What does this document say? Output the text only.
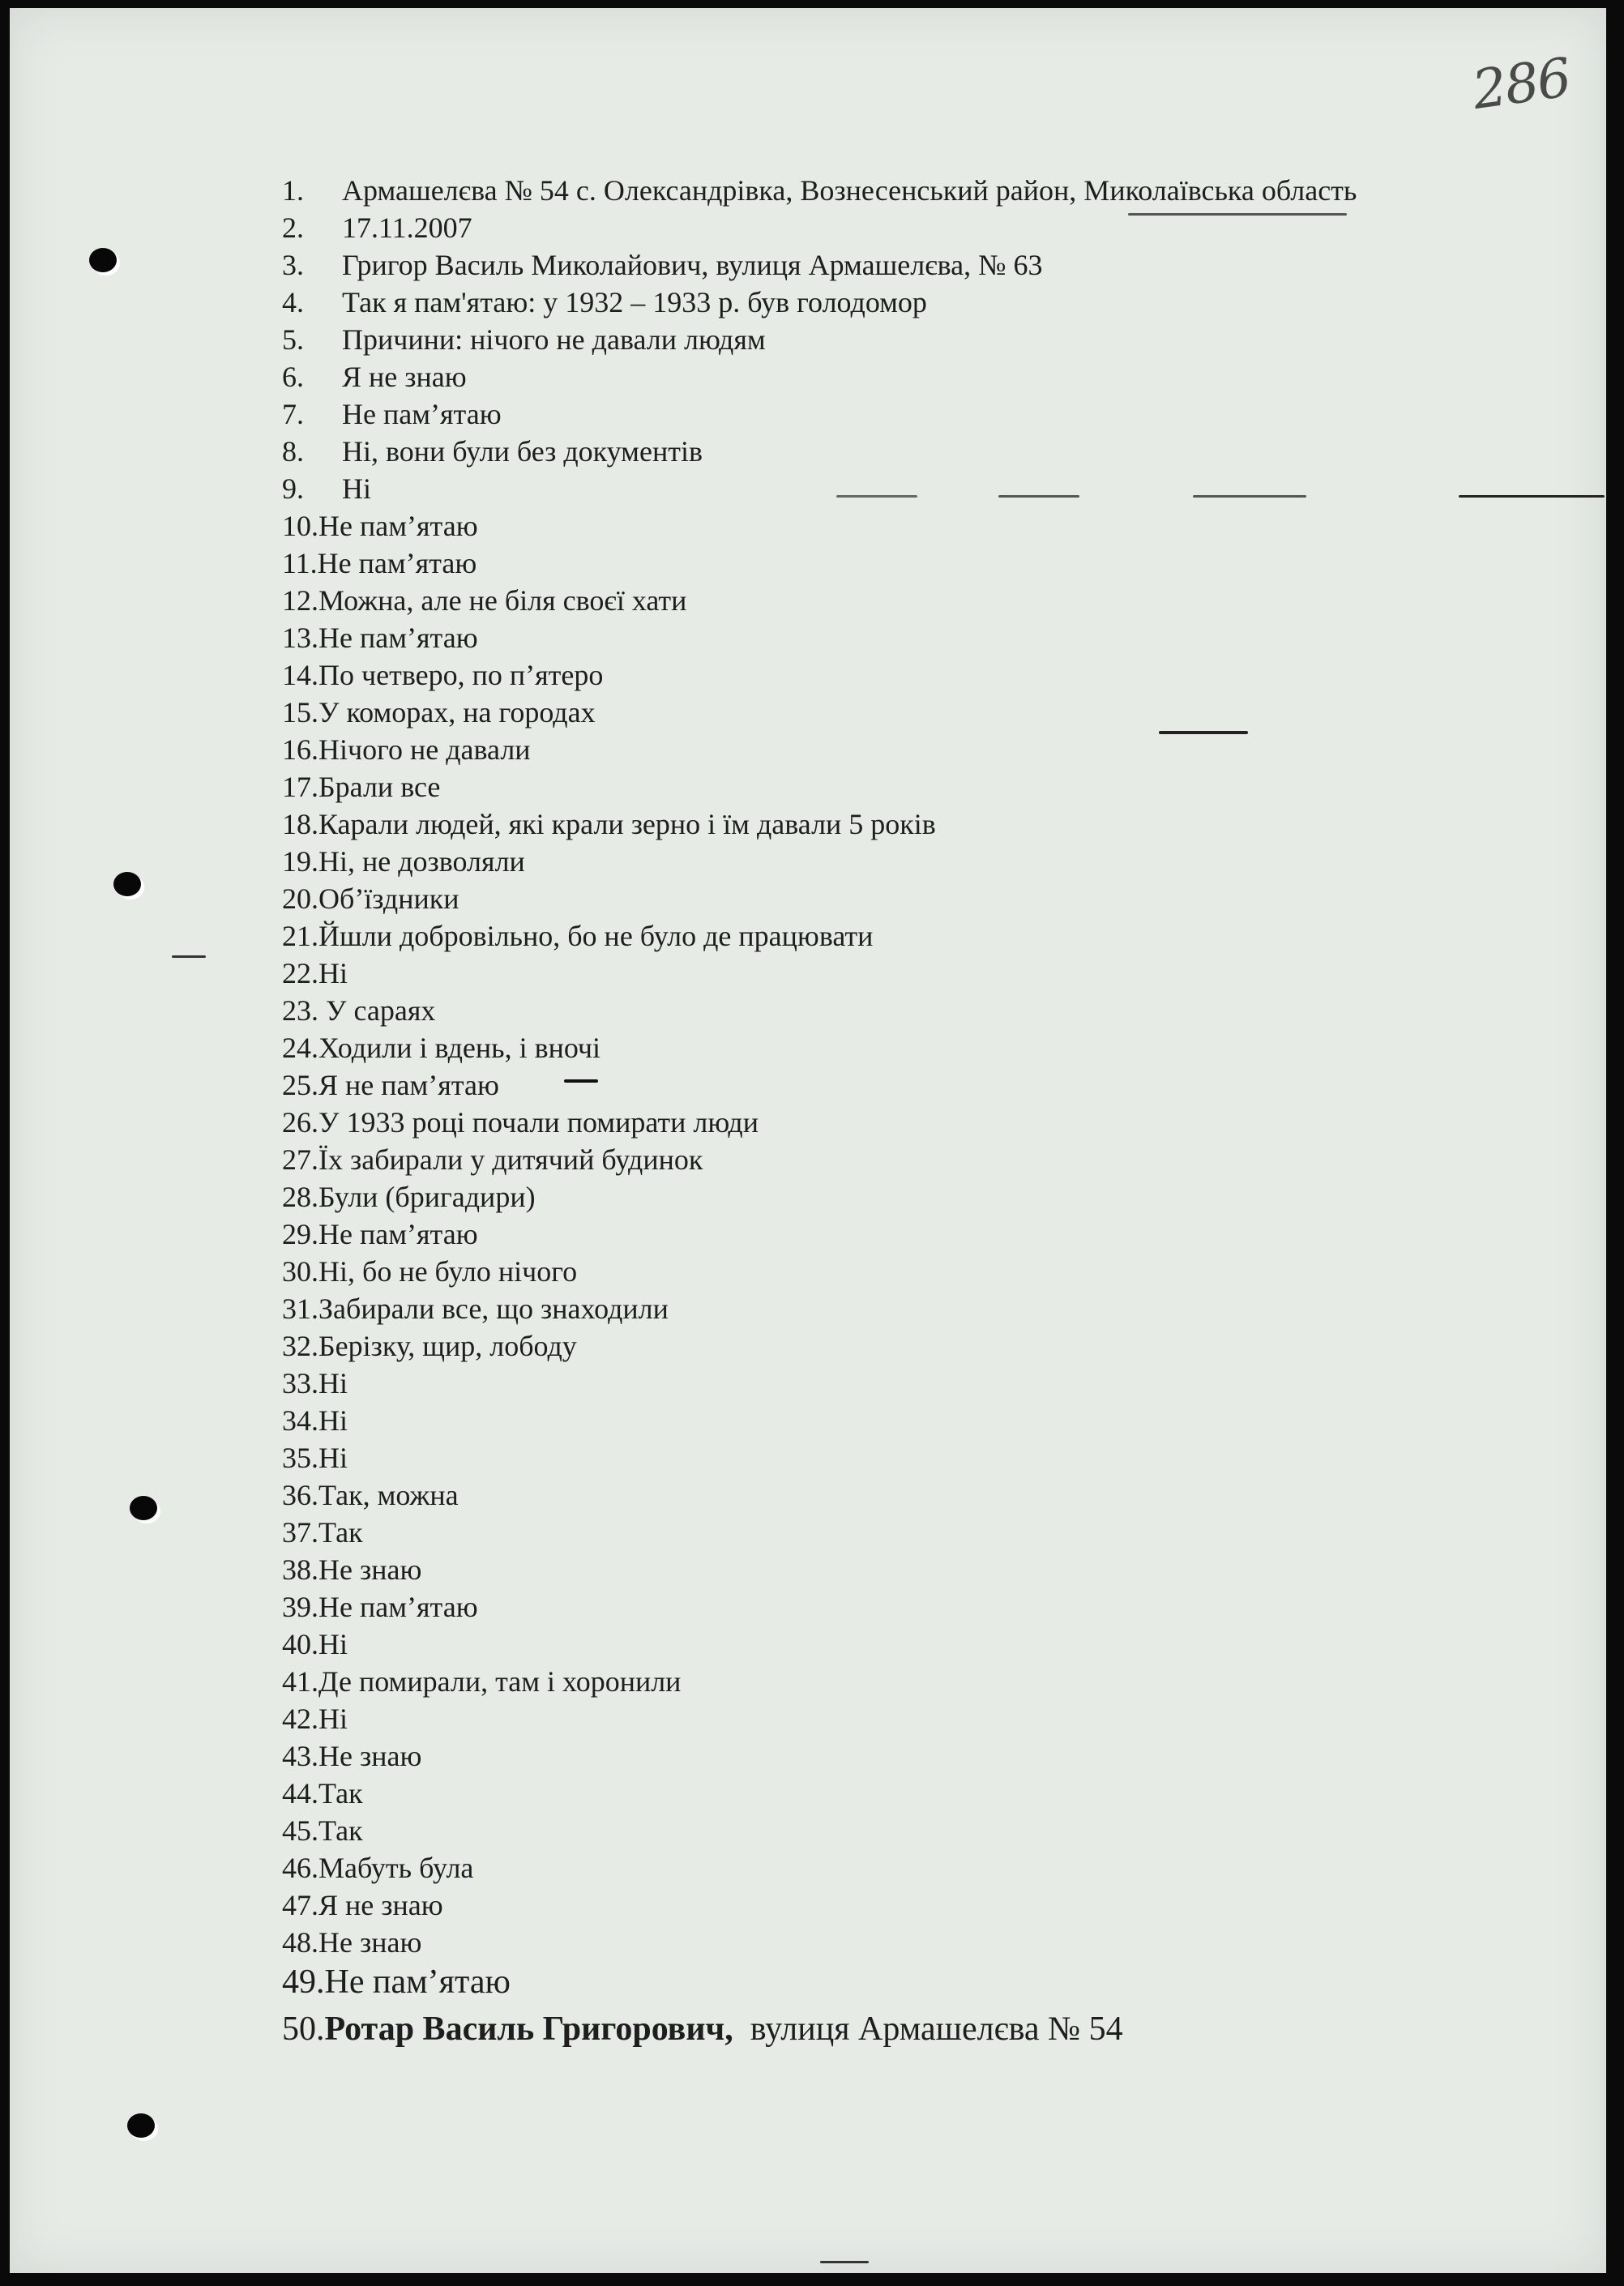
286
1.	Армашелєва № 54 с. Олександрівка, Вознесенський район, Миколаївська область
2.	17.11.2007
3.	Григор Василь Миколайович, вулиця Армашелєва, № 63
4.	Так я пам'ятаю: у 1932 – 1933 р. був голодомор
5.	Причини: нічого не давали людям
6.	Я не знаю
7.	Не пам’ятаю
8.	Ні, вони були без документів
9.	Ні
10. Не пам’ятаю
11. Не пам’ятаю
12. Можна, але не біля своєї хати
13. Не пам’ятаю
14. По четверо, по п’ятеро
15. У коморах, на городах
16. Нічого не давали
17. Брали все
18. Карали людей, які крали зерно і їм давали 5 років
19. Ні, не дозволяли
20. Об’їздники
21. Йшли добровільно, бо не було де працювати
22. Ні
23. У сараях
24. Ходили і вдень, і вночі
25. Я не пам’ятаю
26. У 1933 році почали помирати люди
27. Їх забирали у дитячий будинок
28. Були (бригадири)
29. Не пам’ятаю
30. Ні, бо не було нічого
31. Забирали все, що знаходили
32. Берізку, щир, лободу
33. Ні
34. Ні
35. Ні
36. Так, можна
37. Так
38. Не знаю
39. Не пам’ятаю
40. Ні
41. Де помирали, там і хоронили
42. Ні
43. Не знаю
44. Так
45. Так
46. Мабуть була
47. Я не знаю
48. Не знаю
49. Не пам’ятаю
50. Ротар Василь Григорович, вулиця Армашелєва № 54
